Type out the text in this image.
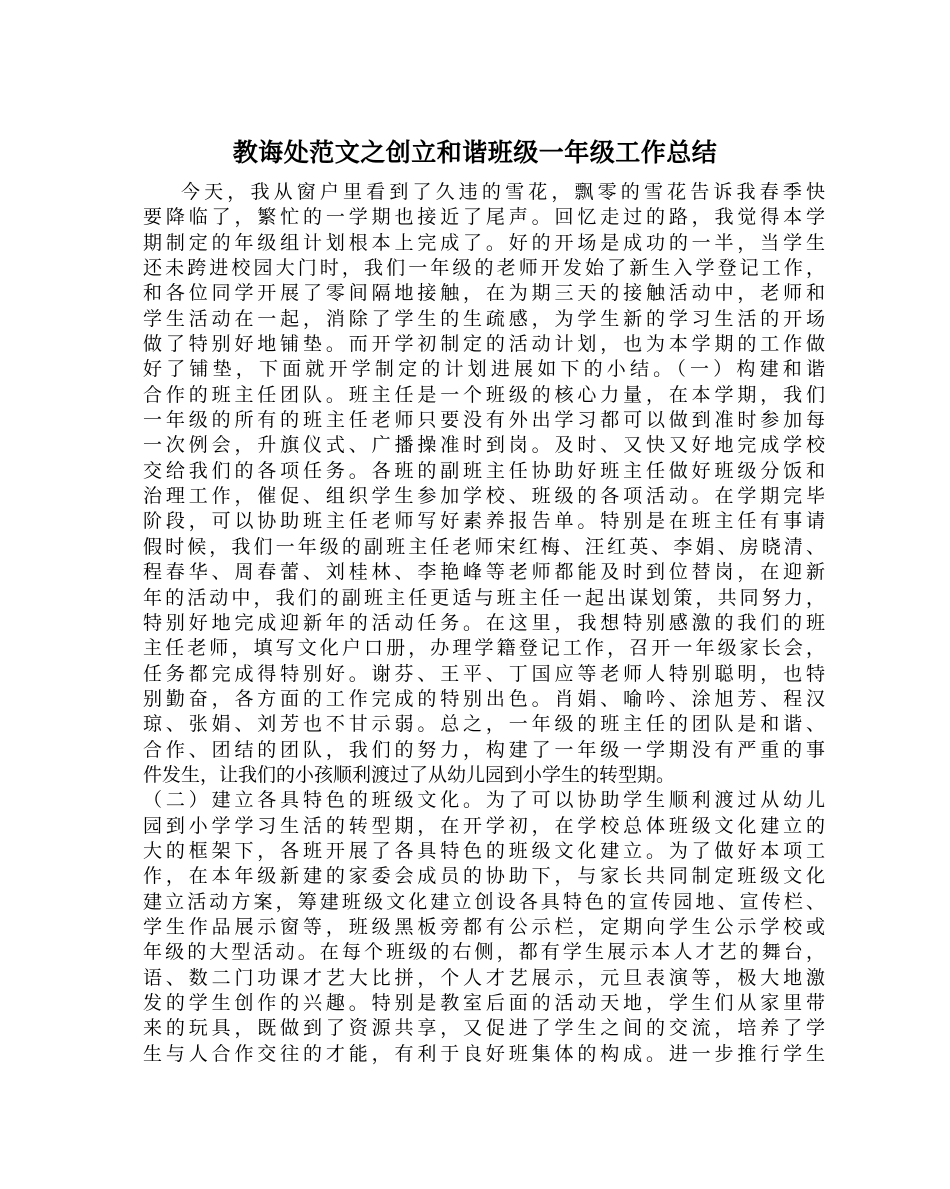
教诲处范文之创立和谐班级一年级工作总结
今天，我从窗户里看到了久违的雪花，飘零的雪花告诉我春季快
要降临了，繁忙的一学期也接近了尾声。回忆走过的路，我觉得本学
期制定的年级组计划根本上完成了。好的开场是成功的一半，当学生
还未跨进校园大门时，我们一年级的老师开发始了新生入学登记工作，
和各位同学开展了零间隔地接触，在为期三天的接触活动中，老师和
学生活动在一起，消除了学生的生疏感，为学生新的学习生活的开场
做了特别好地铺垫。而开学初制定的活动计划，也为本学期的工作做
好了铺垫，下面就开学制定的计划进展如下的小结。（一）构建和谐
合作的班主任团队。班主任是一个班级的核心力量，在本学期，我们
一年级的所有的班主任老师只要没有外出学习都可以做到准时参加每
一次例会，升旗仪式、广播操准时到岗。及时、又快又好地完成学校
交给我们的各项任务。各班的副班主任协助好班主任做好班级分饭和
治理工作，催促、组织学生参加学校、班级的各项活动。在学期完毕
阶段，可以协助班主任老师写好素养报告单。特别是在班主任有事请
假时候，我们一年级的副班主任老师宋红梅、汪红英、李娟、房晓清、
程春华、周春蕾、刘桂林、李艳峰等老师都能及时到位替岗，在迎新
年的活动中，我们的副班主任更适与班主任一起出谋划策，共同努力，
特别好地完成迎新年的活动任务。在这里，我想特别感激的我们的班
主任老师，填写文化户口册，办理学籍登记工作，召开一年级家长会，
任务都完成得特别好。谢芬、王平、丁国应等老师人特别聪明，也特
别勤奋，各方面的工作完成的特别出色。肖娟、喻吟、涂旭芳、程汉
琼、张娟、刘芳也不甘示弱。总之，一年级的班主任的团队是和谐、
合作、团结的团队，我们的努力，构建了一年级一学期没有严重的事
件发生，让我们的小孩顺利渡过了从幼儿园到小学生的转型期。
（二）建立各具特色的班级文化。为了可以协助学生顺利渡过从幼儿
园到小学学习生活的转型期，在开学初，在学校总体班级文化建立的
大的框架下，各班开展了各具特色的班级文化建立。为了做好本项工
作，在本年级新建的家委会成员的协助下，与家长共同制定班级文化
建立活动方案，筹建班级文化建立创设各具特色的宣传园地、宣传栏、
学生作品展示窗等，班级黑板旁都有公示栏，定期向学生公示学校或
年级的大型活动。在每个班级的右侧，都有学生展示本人才艺的舞台，
语、数二门功课才艺大比拼，个人才艺展示，元旦表演等，极大地激
发的学生创作的兴趣。特别是教室后面的活动天地，学生们从家里带
来的玩具，既做到了资源共享，又促进了学生之间的交流，培养了学
生与人合作交往的才能，有利于良好班集体的构成。进一步推行学生
